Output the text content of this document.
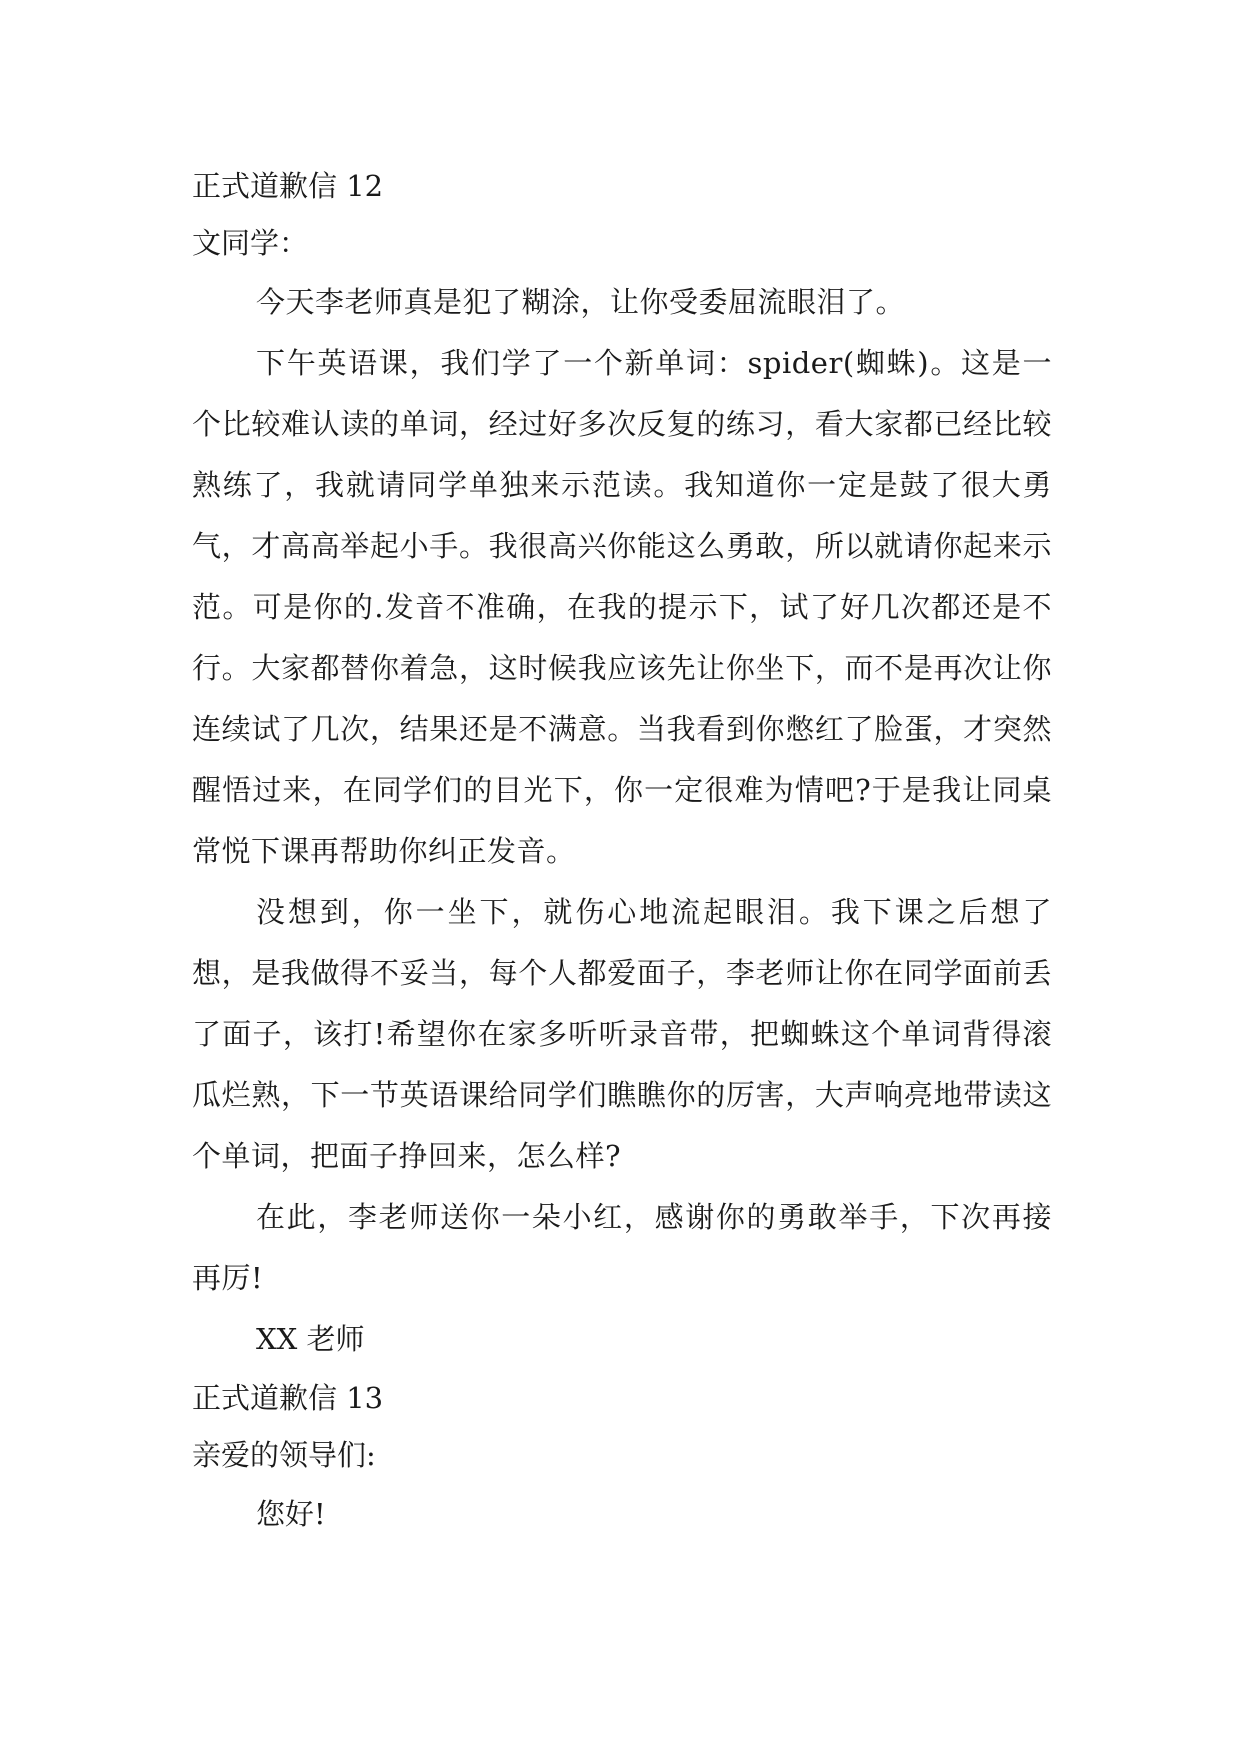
正式道歉信 12

文同学：

今天李老师真是犯了糊涂，让你受委屈流眼泪了。

下午英语课，我们学了一个新单词：spider(蜘蛛)。这是一个比较难认读的单词，经过好多次反复的练习，看大家都已经比较熟练了，我就请同学单独来示范读。我知道你一定是鼓了很大勇气，才高高举起小手。我很高兴你能这么勇敢，所以就请你起来示范。可是你的.发音不准确，在我的提示下，试了好几次都还是不行。大家都替你着急，这时候我应该先让你坐下，而不是再次让你连续试了几次，结果还是不满意。当我看到你憋红了脸蛋，才突然醒悟过来，在同学们的目光下，你一定很难为情吧?于是我让同桌常悦下课再帮助你纠正发音。

没想到，你一坐下，就伤心地流起眼泪。我下课之后想了想，是我做得不妥当，每个人都爱面子，李老师让你在同学面前丢了面子，该打!希望你在家多听听录音带，把蜘蛛这个单词背得滚瓜烂熟，下一节英语课给同学们瞧瞧你的厉害，大声响亮地带读这个单词，把面子挣回来，怎么样?

在此，李老师送你一朵小红，感谢你的勇敢举手，下次再接再厉!

XX 老师

正式道歉信 13

亲爱的领导们:

您好!
